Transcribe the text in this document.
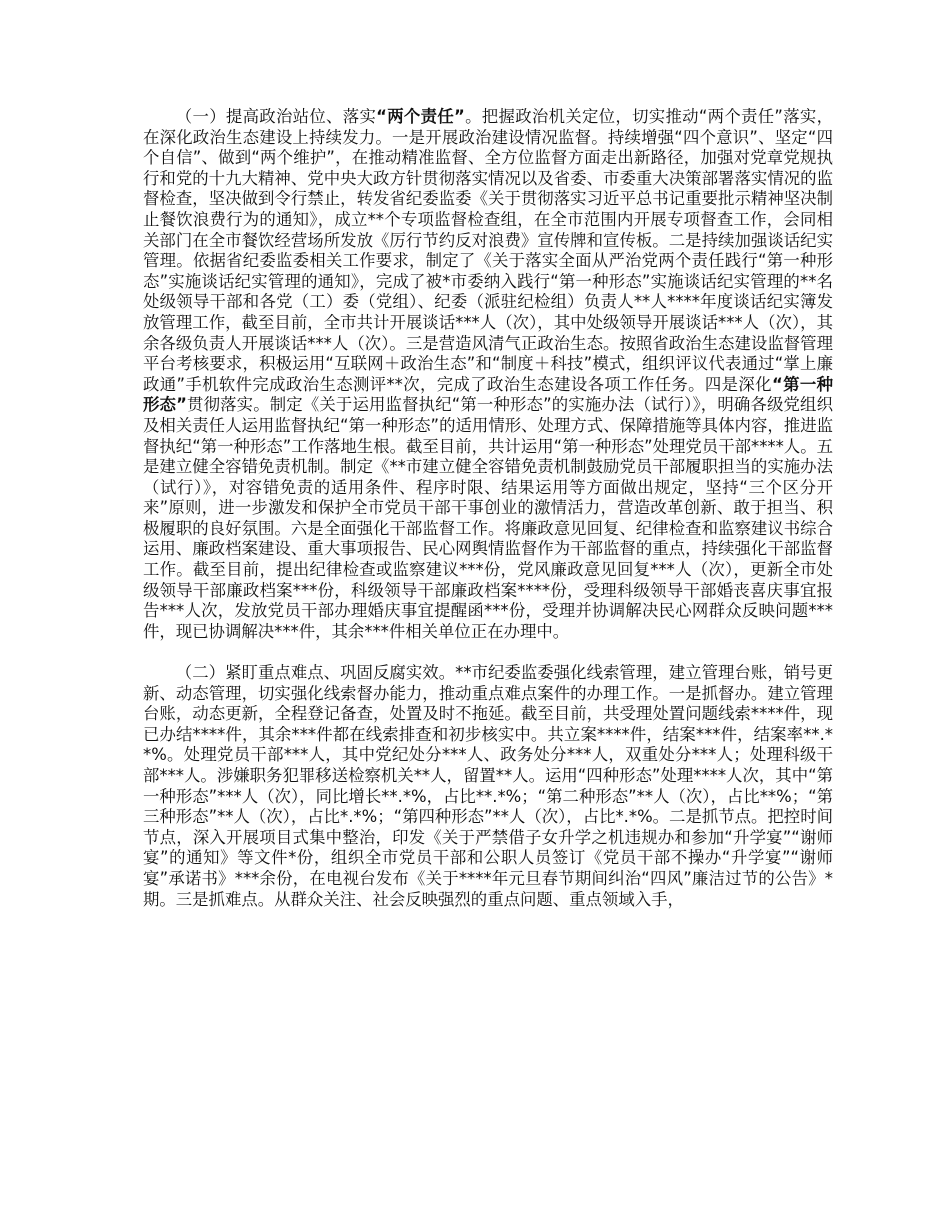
（一）提高政治站位、落实“两个责任”。把握政治机关定位，切实推动“两个责任”落实，在深化政治生态建设上持续发力。一是开展政治建设情况监督。持续增强“四个意识”、坚定“四个自信”、做到“两个维护”，在推动精准监督、全方位监督方面走出新路径，加强对党章党规执行和党的十九大精神、党中央大政方针贯彻落实情况以及省委、市委重大决策部署落实情况的监督检查，坚决做到令行禁止，转发省纪委监委《关于贯彻落实习近平总书记重要批示精神坚决制止餐饮浪费行为的通知》，成立**个专项监督检查组，在全市范围内开展专项督查工作，会同相关部门在全市餐饮经营场所发放《厉行节约反对浪费》宣传牌和宣传板。二是持续加强谈话纪实管理。依据省纪委监委相关工作要求，制定了《关于落实全面从严治党两个责任践行“第一种形态”实施谈话纪实管理的通知》，完成了被*市委纳入践行“第一种形态”实施谈话纪实管理的**名处级领导干部和各党（工）委（党组）、纪委（派驻纪检组）负责人**人****年度谈话纪实簿发放管理工作，截至目前，全市共计开展谈话***人（次），其中处级领导开展谈话***人（次），其余各级负责人开展谈话***人（次）。三是营造风清气正政治生态。按照省政治生态建设监督管理平台考核要求，积极运用“互联网＋政治生态”和“制度＋科技”模式，组织评议代表通过“掌上廉政通”手机软件完成政治生态测评**次，完成了政治生态建设各项工作任务。四是深化“第一种形态”贯彻落实。制定《关于运用监督执纪“第一种形态”的实施办法（试行）》，明确各级党组织及相关责任人运用监督执纪“第一种形态”的适用情形、处理方式、保障措施等具体内容，推进监督执纪“第一种形态”工作落地生根。截至目前，共计运用“第一种形态”处理党员干部****人。五是建立健全容错免责机制。制定《**市建立健全容错免责机制鼓励党员干部履职担当的实施办法（试行）》，对容错免责的适用条件、程序时限、结果运用等方面做出规定，坚持“三个区分开来”原则，进一步激发和保护全市党员干部干事创业的激情活力，营造改革创新、敢于担当、积极履职的良好氛围。六是全面强化干部监督工作。将廉政意见回复、纪律检查和监察建议书综合运用、廉政档案建设、重大事项报告、民心网舆情监督作为干部监督的重点，持续强化干部监督工作。截至目前，提出纪律检查或监察建议***份，党风廉政意见回复***人（次），更新全市处级领导干部廉政档案***份，科级领导干部廉政档案****份，受理科级领导干部婚丧喜庆事宜报告***人次，发放党员干部办理婚庆事宜提醒函***份，受理并协调解决民心网群众反映问题***件，现已协调解决***件，其余***件相关单位正在办理中。

（二）紧盯重点难点、巩固反腐实效。**市纪委监委强化线索管理，建立管理台账，销号更新、动态管理，切实强化线索督办能力，推动重点难点案件的办理工作。一是抓督办。建立管理台账，动态更新，全程登记备查，处置及时不拖延。截至目前，共受理处置问题线索****件，现已办结****件，其余***件都在线索排查和初步核实中。共立案****件，结案***件，结案率**.**%。处理党员干部***人，其中党纪处分***人、政务处分***人，双重处分***人；处理科级干部***人。涉嫌职务犯罪移送检察机关**人，留置**人。运用“四种形态”处理****人次，其中“第一种形态”***人（次），同比增长**.*%，占比**.*%；“第二种形态”**人（次），占比**%；“第三种形态”**人（次），占比*.*%；“第四种形态”**人（次），占比*.*%。二是抓节点。把控时间节点，深入开展项目式集中整治，印发《关于严禁借子女升学之机违规办和参加“升学宴”“谢师宴”的通知》等文件*份，组织全市党员干部和公职人员签订《党员干部不操办“升学宴”“谢师宴”承诺书》***余份，在电视台发布《关于****年元旦春节期间纠治“四风”廉洁过节的公告》*期。三是抓难点。从群众关注、社会反映强烈的重点问题、重点领域入手，
